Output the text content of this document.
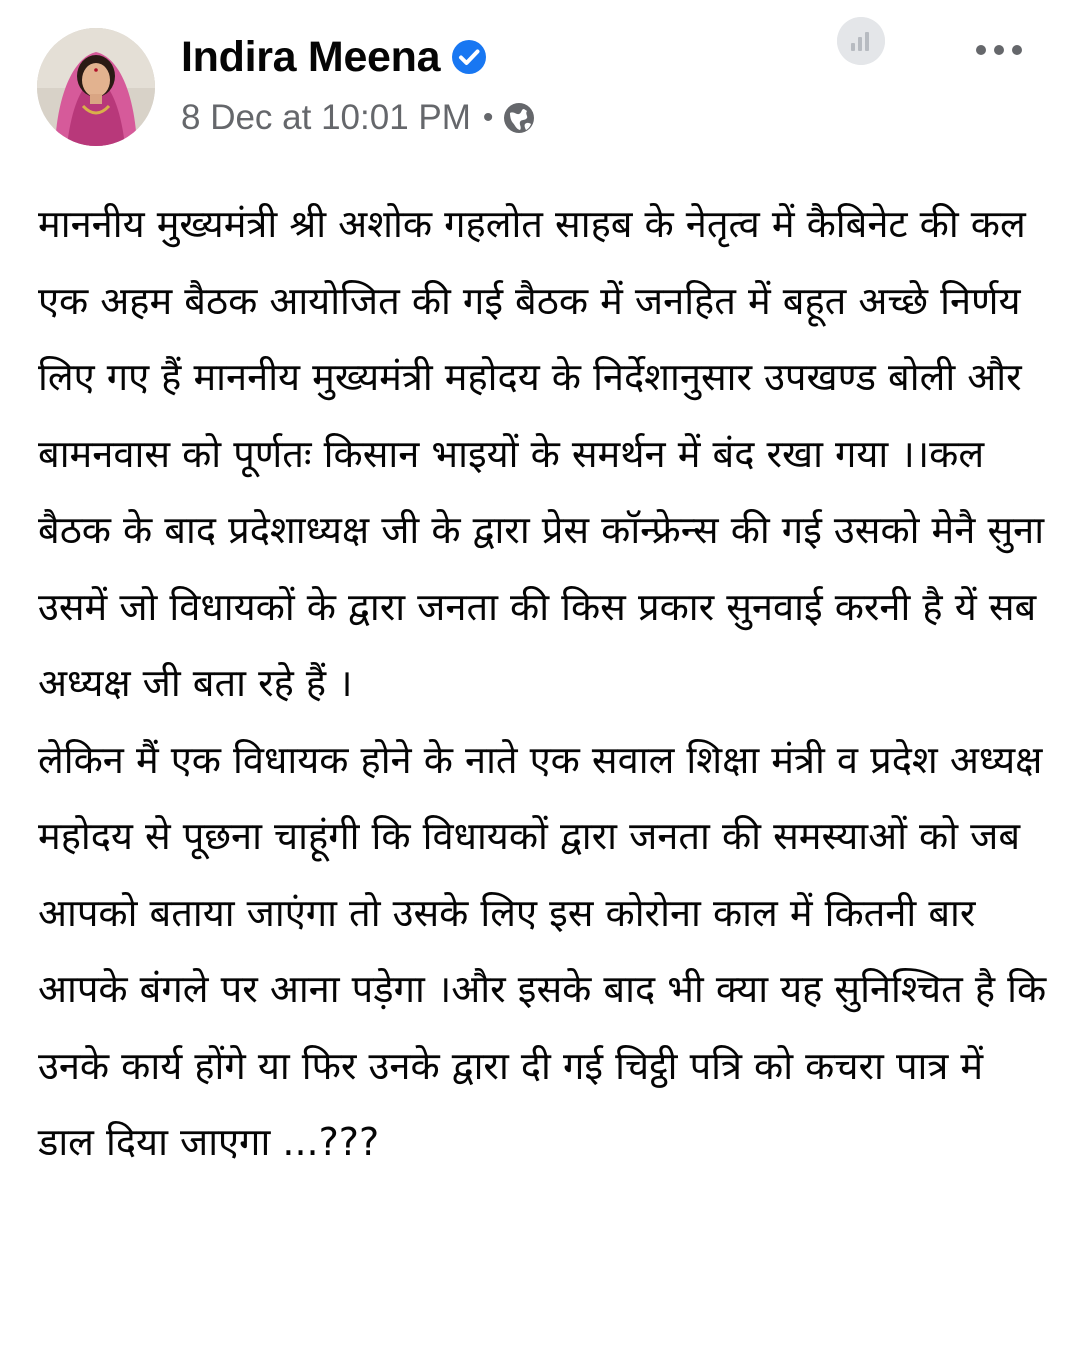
Indira Meena
8 Dec at 10:01 PM •
माननीय मुख्यमंत्री श्री अशोक गहलोत साहब के नेतृत्व में कैबिनेट की कल एक अहम बैठक आयोजित की गई बैठक में जनहित में बहूत अच्छे निर्णय लिए गए हैं माननीय मुख्यमंत्री महोदय के निर्देशानुसार उपखण्ड बोली और बामनवास को पूर्णतः किसान भाइयों के समर्थन में बंद रखा गया ।।कल बैठक के बाद प्रदेशाध्यक्ष जी के द्वारा प्रेस कॉन्फ्रेन्स की गई उसको मेनै सुना उसमें जो विधायकों के द्वारा जनता की किस प्रकार सुनवाई करनी है यें सब अध्यक्ष जी बता रहे हैं ।
लेकिन मैं एक विधायक होने के नाते एक सवाल शिक्षा मंत्री व प्रदेश अध्यक्ष महोदय से पूछना चाहूंगी कि विधायकों द्वारा जनता की समस्याओं को जब आपको बताया जाएंगा तो उसके लिए इस कोरोना काल में कितनी बार आपके बंगले पर आना पड़ेगा ।और इसके बाद भी क्या यह सुनिश्चित है कि उनके कार्य होंगे या फिर उनके द्वारा दी गई चिट्ठी पत्रि को कचरा पात्र में डाल दिया जाएगा ...???
